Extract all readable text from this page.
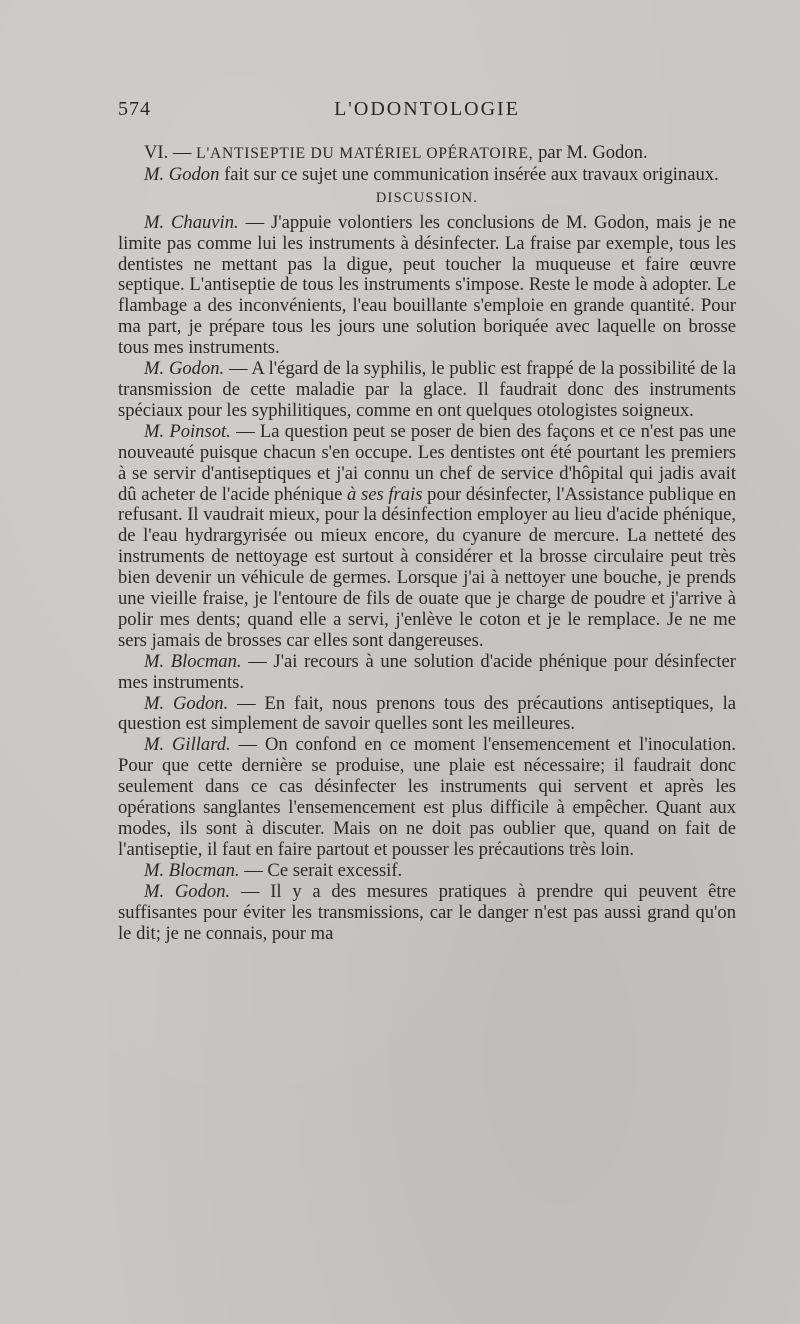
574	L'ODONTOLOGIE

VI. — L'ANTISEPTIE DU MATÉRIEL OPÉRATOIRE, par M. Godon.

M. Godon fait sur ce sujet une communication insérée aux travaux originaux.

DISCUSSION.

M. Chauvin. — J'appuie volontiers les conclusions de M. Godon, mais je ne limite pas comme lui les instruments à désinfecter. La fraise par exemple, tous les dentistes ne mettant pas la digue, peut toucher la muqueuse et faire œuvre septique. L'antiseptie de tous les instruments s'impose. Reste le mode à adopter. Le flambage a des inconvénients, l'eau bouillante s'emploie en grande quantité. Pour ma part, je prépare tous les jours une solution boriquée avec laquelle on brosse tous mes instruments.

M. Godon. — A l'égard de la syphilis, le public est frappé de la possibilité de la transmission de cette maladie par la glace. Il faudrait donc des instruments spéciaux pour les syphilitiques, comme en ont quelques otologistes soigneux.

M. Poinsot. — La question peut se poser de bien des façons et ce n'est pas une nouveauté puisque chacun s'en occupe. Les dentistes ont été pourtant les premiers à se servir d'antiseptiques et j'ai connu un chef de service d'hôpital qui jadis avait dû acheter de l'acide phénique à ses frais pour désinfecter, l'Assistance publique en refusant. Il vaudrait mieux, pour la désinfection employer au lieu d'acide phénique, de l'eau hydrargyrisée ou mieux encore, du cyanure de mercure. La netteté des instruments de nettoyage est surtout à considérer et la brosse circulaire peut très bien devenir un véhicule de germes. Lorsque j'ai à nettoyer une bouche, je prends une vieille fraise, je l'entoure de fils de ouate que je charge de poudre et j'arrive à polir mes dents; quand elle a servi, j'enlève le coton et je le remplace. Je ne me sers jamais de brosses car elles sont dangereuses.

M. Blocman. — J'ai recours à une solution d'acide phénique pour désinfecter mes instruments.

M. Godon. — En fait, nous prenons tous des précautions antiseptiques, la question est simplement de savoir quelles sont les meilleures.

M. Gillard. — On confond en ce moment l'ensemencement et l'inoculation. Pour que cette dernière se produise, une plaie est nécessaire; il faudrait donc seulement dans ce cas désinfecter les instruments qui servent et après les opérations sanglantes l'ensemencement est plus difficile à empêcher. Quant aux modes, ils sont à discuter. Mais on ne doit pas oublier que, quand on fait de l'antiseptie, il faut en faire partout et pousser les précautions très loin.

M. Blocman. — Ce serait excessif.

M. Godon. — Il y a des mesures pratiques à prendre qui peuvent être suffisantes pour éviter les transmissions, car le danger n'est pas aussi grand qu'on le dit; je ne connais, pour ma
